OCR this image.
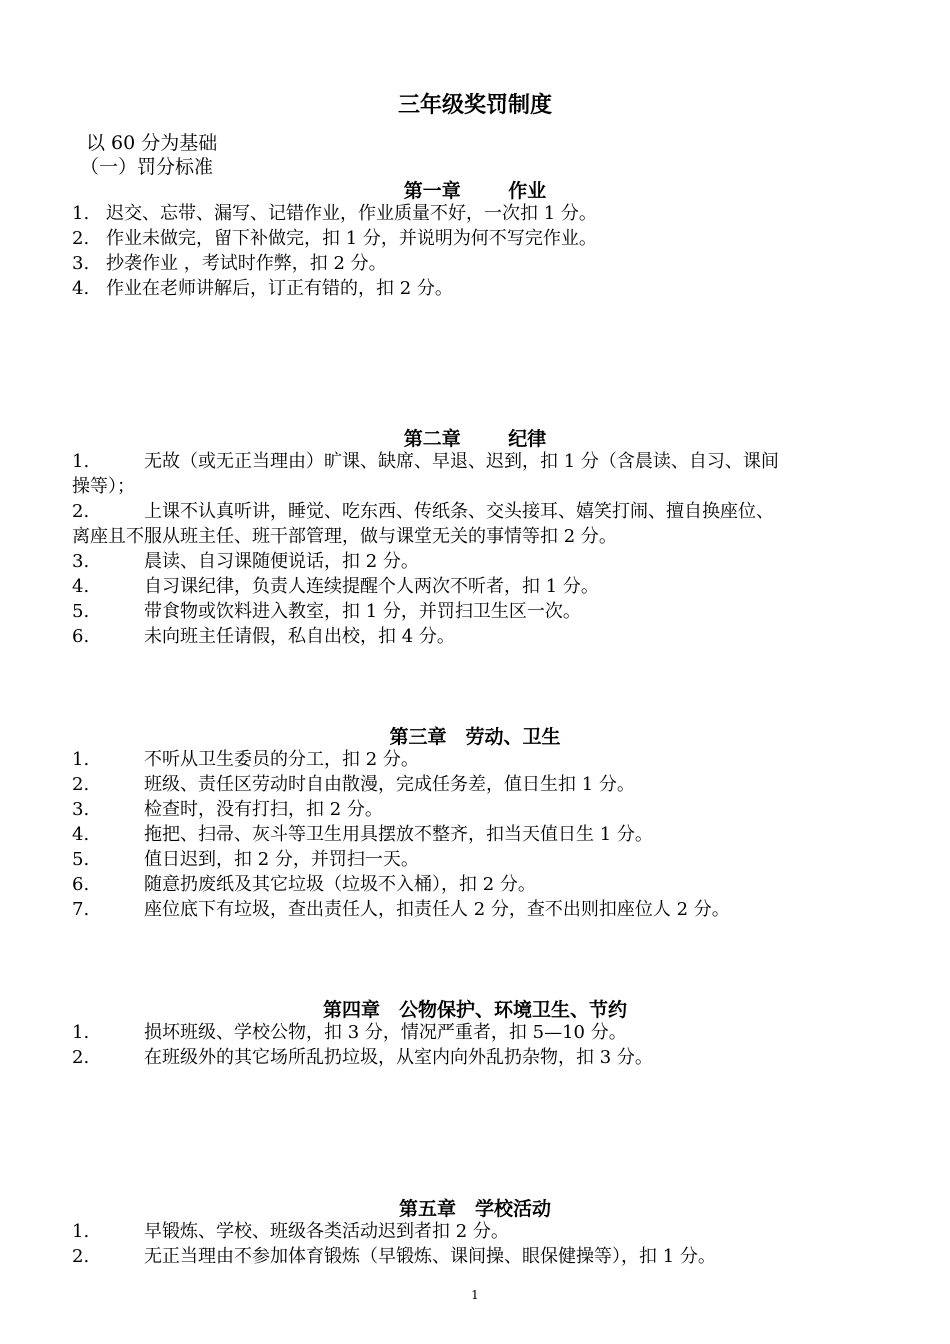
三年级奖罚制度
以 60 分为基础
（一）罚分标准
第一章   	作业
1. 迟交、忘带、漏写、记错作业，作业质量不好，一次扣 1 分。
2. 作业未做完，留下补做完，扣 1 分，并说明为何不写完作业。
3. 抄袭作业 ，考试时作弊，扣 2 分。
4. 作业在老师讲解后，订正有错的，扣 2 分。
第二章   	纪律
1.	无故（或无正当理由）旷课、缺席、早退、迟到，扣 1 分（含晨读、自习、课间
操等）；
2.	上课不认真听讲，睡觉、吃东西、传纸条、交头接耳、嬉笑打闹、擅自换座位、
离座且不服从班主任、班干部管理，做与课堂无关的事情等扣 2 分。
3.	晨读、自习课随便说话，扣 2 分。
4.	自习课纪律，负责人连续提醒个人两次不听者，扣 1 分。
5.	带食物或饮料进入教室，扣 1 分，并罚扫卫生区一次。
6.	未向班主任请假，私自出校，扣 4 分。
第三章  劳动、卫生
1.	不听从卫生委员的分工，扣 2 分。
2.	班级、责任区劳动时自由散漫，完成任务差，值日生扣 1 分。
3.	检查时，没有打扫，扣 2 分。
4.	拖把、扫帚、灰斗等卫生用具摆放不整齐，扣当天值日生 1 分。
5.	值日迟到，扣 2 分，并罚扫一天。
6.	随意扔废纸及其它垃圾（垃圾不入桶），扣 2 分。
7.	座位底下有垃圾，查出责任人，扣责任人 2 分，查不出则扣座位人 2 分。
第四章  公物保护、环境卫生、节约
1.	损坏班级、学校公物，扣 3 分，情况严重者，扣 5—10 分。
2.	在班级外的其它场所乱扔垃圾，从室内向外乱扔杂物，扣 3 分。
第五章  学校活动
1.	早锻炼、学校、班级各类活动迟到者扣 2 分。
2.	无正当理由不参加体育锻炼（早锻炼、课间操、眼保健操等），扣 1 分。
1
